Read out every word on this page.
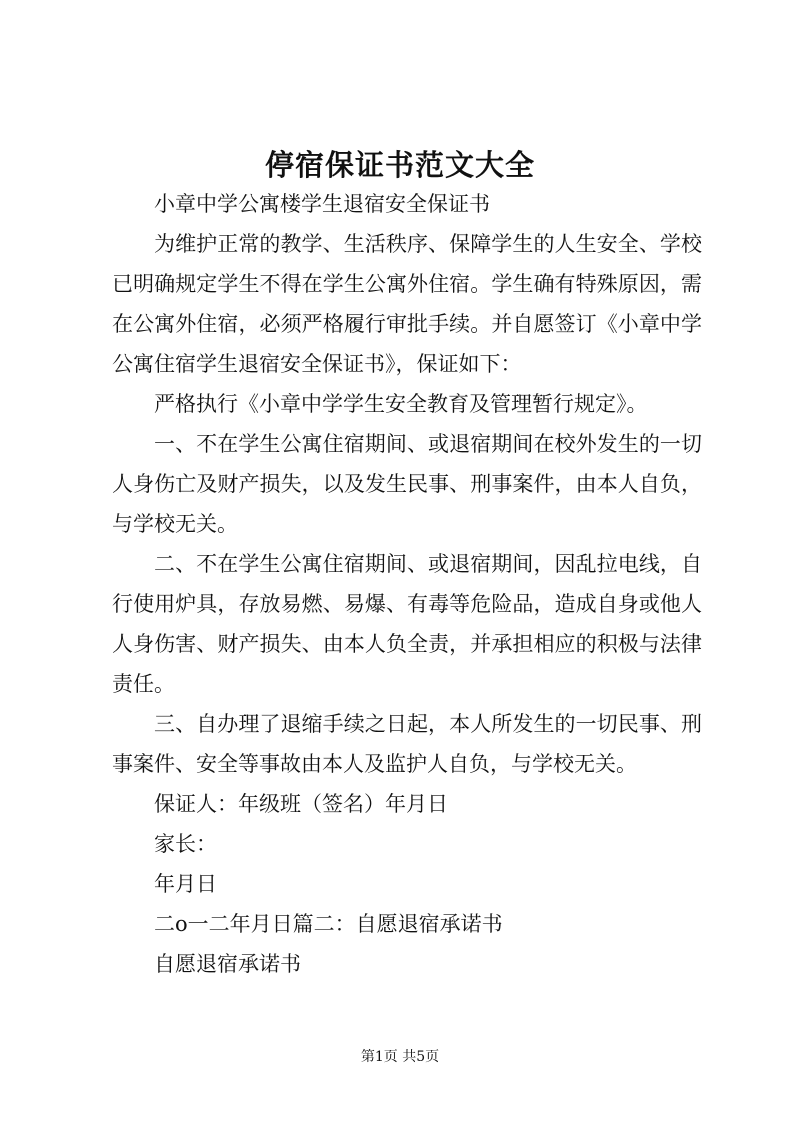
停宿保证书范文大全

小章中学公寓楼学生退宿安全保证书

为维护正常的教学、生活秩序、保障学生的人生安全、学校已明确规定学生不得在学生公寓外住宿。学生确有特殊原因，需在公寓外住宿，必须严格履行审批手续。并自愿签订《小章中学公寓住宿学生退宿安全保证书》，保证如下：

严格执行《小章中学学生安全教育及管理暂行规定》。

一、不在学生公寓住宿期间、或退宿期间在校外发生的一切人身伤亡及财产损失，以及发生民事、刑事案件，由本人自负，与学校无关。

二、不在学生公寓住宿期间、或退宿期间，因乱拉电线，自行使用炉具，存放易燃、易爆、有毒等危险品，造成自身或他人人身伤害、财产损失、由本人负全责，并承担相应的积极与法律责任。

三、自办理了退缩手续之日起，本人所发生的一切民事、刑事案件、安全等事故由本人及监护人自负，与学校无关。

保证人：年级班（签名）年月日

家长：

年月日

二o一二年月日篇二：自愿退宿承诺书

自愿退宿承诺书

第1页 共5页
